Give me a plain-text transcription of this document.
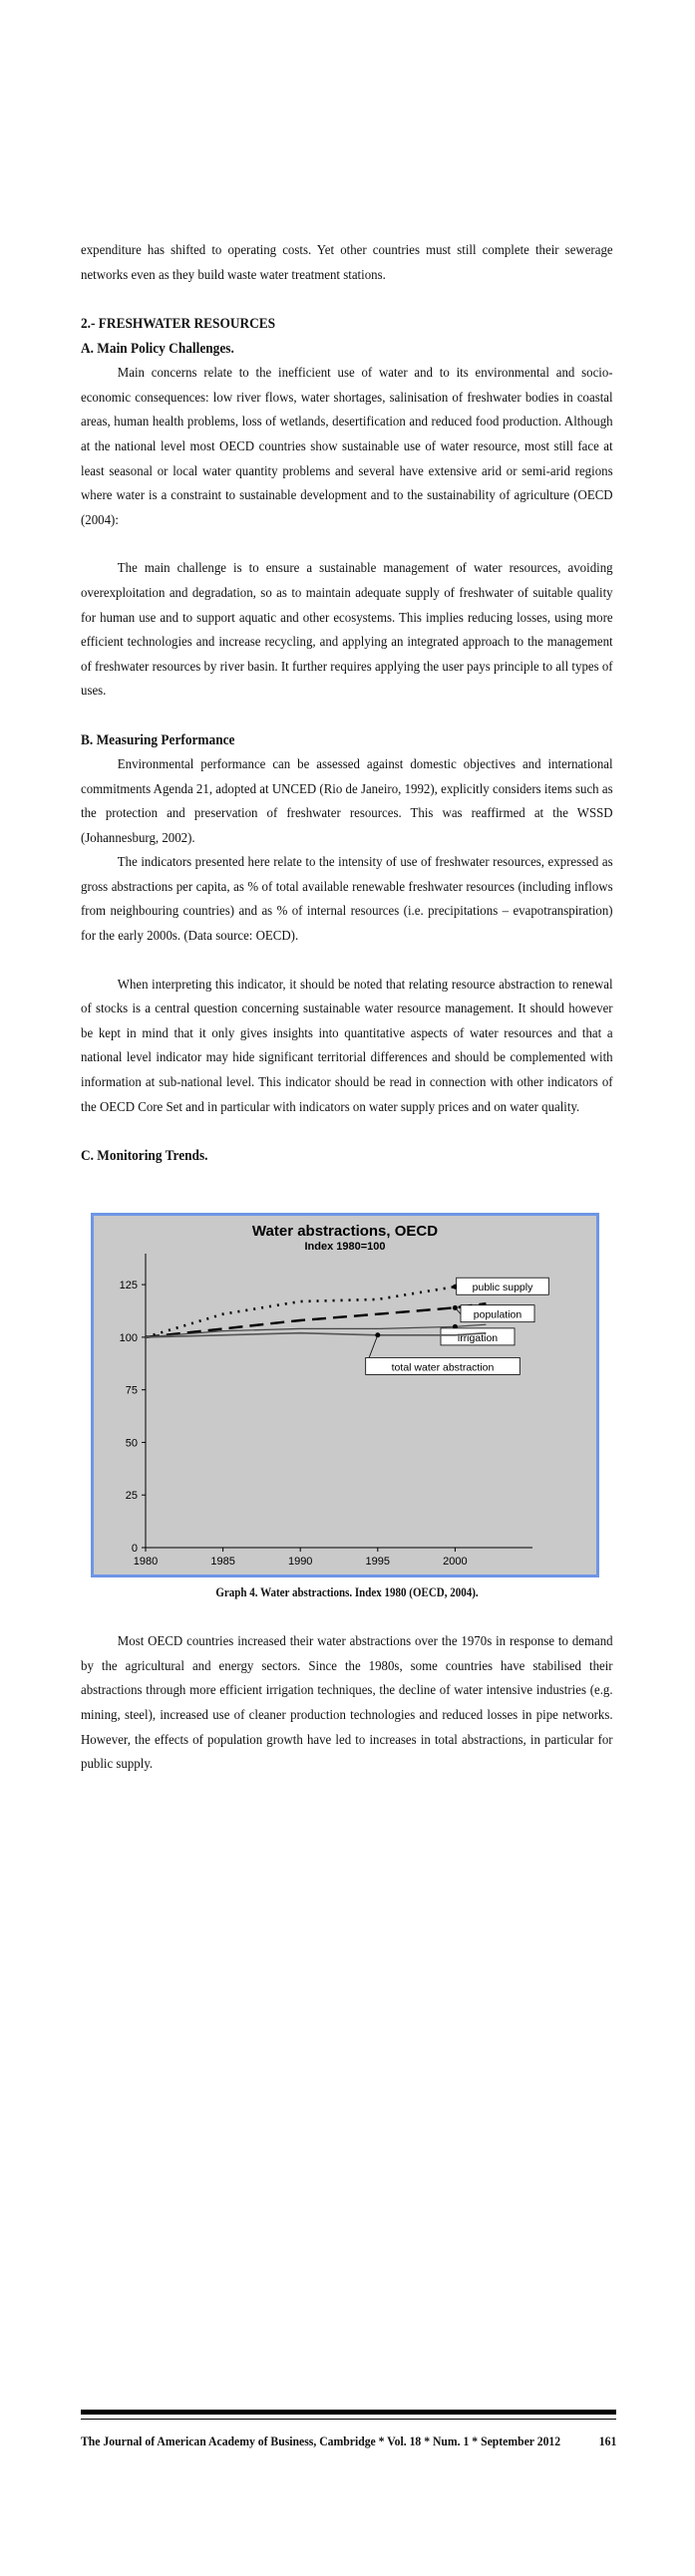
expenditure has shifted to operating costs. Yet other countries must still complete their sewerage networks even as they build waste water treatment stations.

2.- FRESHWATER RESOURCES
A. Main Policy Challenges.

Main concerns relate to the inefficient use of water and to its environmental and socio-economic consequences: low river flows, water shortages, salinisation of freshwater bodies in coastal areas, human health problems, loss of wetlands, desertification and reduced food production. Although at the national level most OECD countries show sustainable use of water resource, most still face at least seasonal or local water quantity problems and several have extensive arid or semi-arid regions where water is a constraint to sustainable development and to the sustainability of agriculture (OECD (2004):

The main challenge is to ensure a sustainable management of water resources, avoiding overexploitation and degradation, so as to maintain adequate supply of freshwater of suitable quality for human use and to support aquatic and other ecosystems. This implies reducing losses, using more efficient technologies and increase recycling, and applying an integrated approach to the management of freshwater resources by river basin. It further requires applying the user pays principle to all types of uses.

B. Measuring Performance

Environmental performance can be assessed against domestic objectives and international commitments Agenda 21, adopted at UNCED (Rio de Janeiro, 1992), explicitly considers items such as the protection and preservation of freshwater resources. This was reaffirmed at the WSSD (Johannesburg, 2002).

The indicators presented here relate to the intensity of use of freshwater resources, expressed as gross abstractions per capita, as % of total available renewable freshwater resources (including inflows from neighbouring countries) and as % of internal resources (i.e. precipitations – evapotranspiration) for the early 2000s. (Data source: OECD).

When interpreting this indicator, it should be noted that relating resource abstraction to renewal of stocks is a central question concerning sustainable water resource management. It should however be kept in mind that it only gives insights into quantitative aspects of water resources and that a national level indicator may hide significant territorial differences and should be complemented with information at sub-national level. This indicator should be read in connection with other indicators of the OECD Core Set and in particular with indicators on water supply prices and on water quality.

C. Monitoring Trends.
Water abstractions, OECD
Index 1980=100
0
25
50
75
100
125
1980	1985	1990	1995	2000
public supply
population
irrigation
total water abstraction
Graph 4. Water abstractions. Index 1980 (OECD, 2004).

Most OECD countries increased their water abstractions over the 1970s in response to demand by the agricultural and energy sectors. Since the 1980s, some countries have stabilised their abstractions through more efficient irrigation techniques, the decline of water intensive industries (e.g. mining, steel), increased use of cleaner production technologies and reduced losses in pipe networks. However, the effects of population growth have led to increases in total abstractions, in particular for public supply.

The Journal of American Academy of Business, Cambridge * Vol. 18 * Num. 1 * September 2012	161
